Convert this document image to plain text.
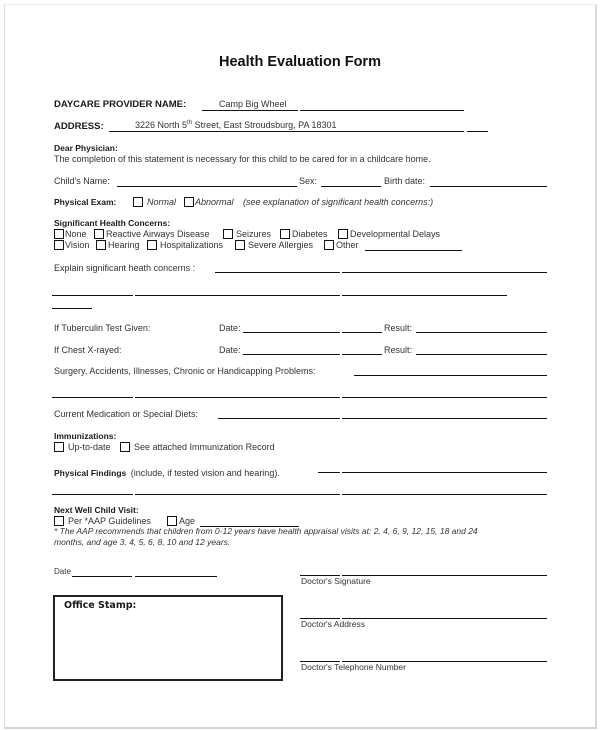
Health Evaluation Form
DAYCARE PROVIDER NAME:	Camp Big Wheel
ADDRESS:	3226 North 5th Street, East Stroudsburg, PA 18301
Dear Physician:
The completion of this statement is necessary for this child to be cared for in a childcare home.
Child's Name:	Sex:	Birth date:
Physical Exam:	Normal Abnormal (see explanation of significant health concerns:)
Significant Health Concerns:
None Reactive Airways Disease	Seizures Diabetes Developmental Delays
Vision Hearing Hospitalizations	Severe Allergies	Other
Explain significant heath concerns :
If Tuberculin Test Given:	Date:	Result:
If Chest X-rayed:	Date:	Result:
Surgery, Accidents, Illnesses, Chronic or Handicapping Problems:
Current Medication or Special Diets:
Immunizations:
Up-to-date	See attached Immunization Record
Physical Findings (include, if tested vision and hearing).
Next Well Child Visit:
Per *AAP Guidelines	Age
* The AAP recommends that children from 0-12 years have health appraisal visits at: 2, 4, 6, 9, 12, 15, 18 and 24
months, and age 3, 4, 5, 6, 8, 10 and 12 years.
Date
Doctor's Signature
Doctor's Address
Doctor's Telephone Number
Office Stamp:
